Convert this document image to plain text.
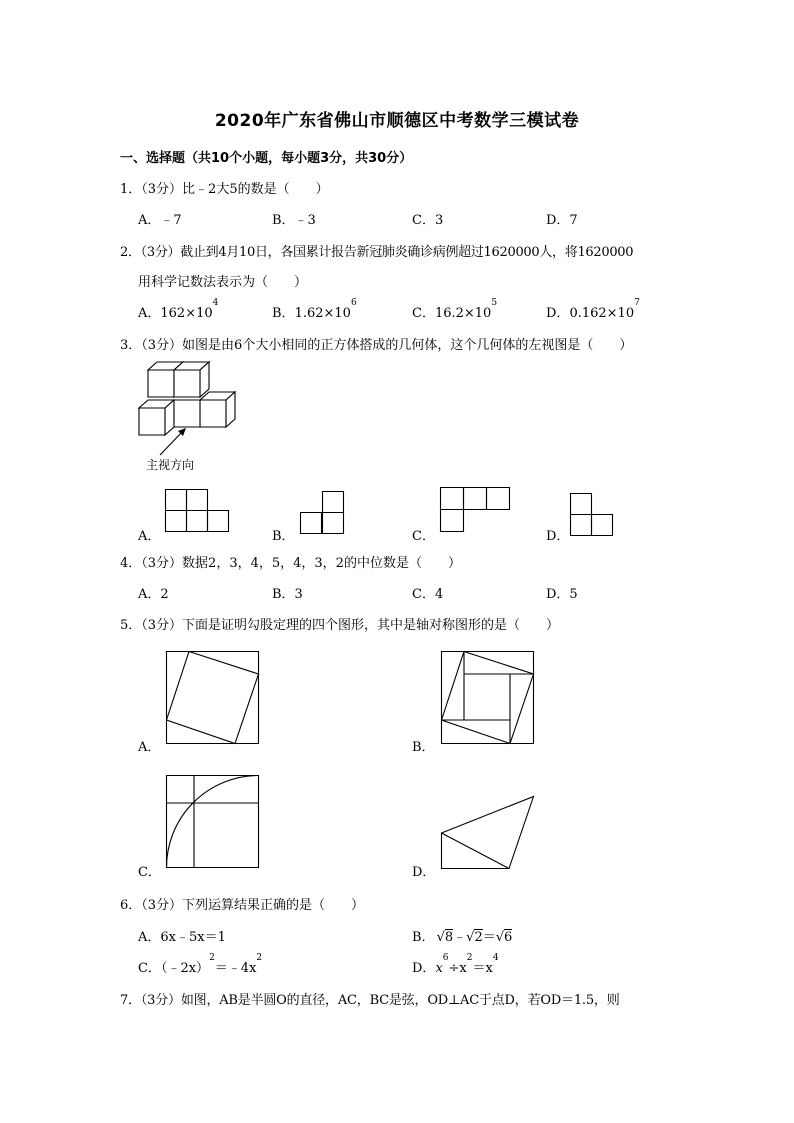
2020年广东省佛山市顺德区中考数学三模试卷
一、选择题（共10个小题，每小题3分，共30分）
1．（3分）比﹣2大5的数是（　　）
A．﹣7	B．﹣3	C．3	D．7
2．（3分）截止到4月10日，各国累计报告新冠肺炎确诊病例超过1620000人，将1620000
用科学记数法表示为（　　）
A．$162\times 10^4$
B．$1.62\times 10^6$
C．$16.2\times 10^5$
D．$0.162\times 10^7$
3．（3分）如图是由6个大小相同的正方体搭成的几何体，这个几何体的左视图是（　　）
主视方向
A．	B．	C．	D．
4．（3分）数据2，3，4，5，4，3，2的中位数是（　　）
A．2	B．3	C．4	D．5
5．（3分）下面是证明勾股定理的四个图形，其中是轴对称图形的是（　　）
A．	B．
C．	D．
6．（3分）下列运算结果正确的是（　　）
A．6x﹣5x＝1	B． √8﹣√2＝√6
C．$(﹣2x)^2=﹣4x^2$
D．$x^6\div x^2=x^4$
7．（3分）如图，AB是半圆O的直径，AC，BC是弦，OD⊥AC于点D，若OD＝1.5，则
